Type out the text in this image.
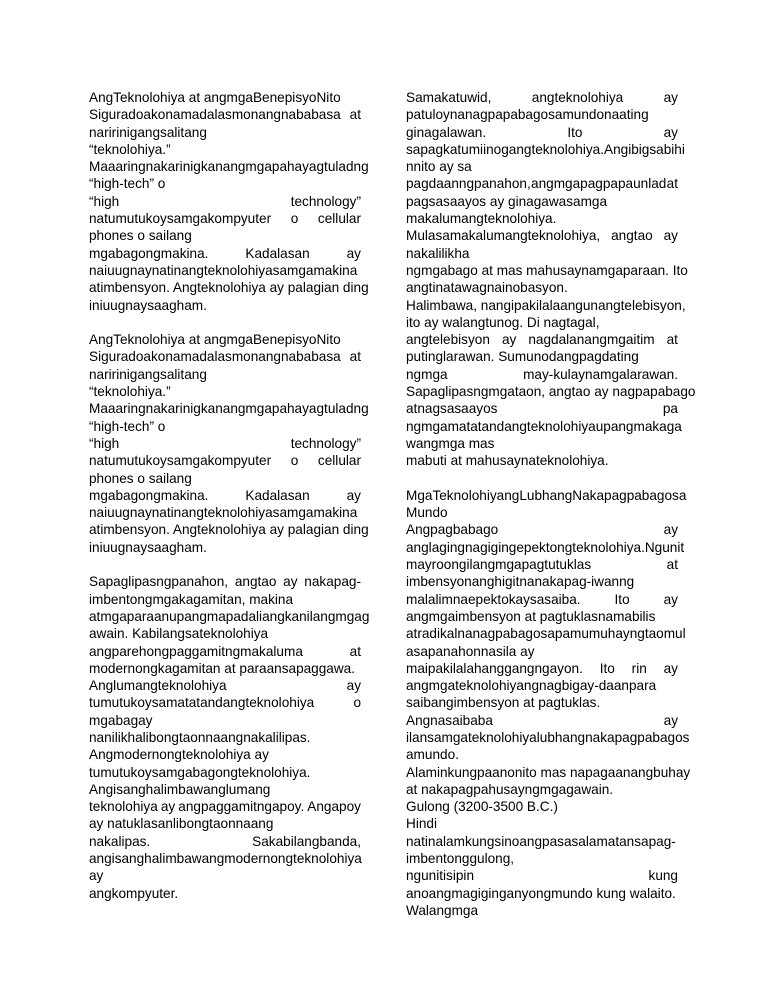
AngTeknolohiya at angmgaBenepisyoNito
Siguradoakonamadalasmonangnababasa at
naririnigangsalitang
“teknolohiya.”
Maaaringnakarinigkanangmgapahayagtuladng
“high-tech” o
“high	technology”
natumutukoysamgakompyuter o cellular
phones o sailang
mgabagongmakina.	Kadalasan	ay
naiuugnaynatinangteknolohiyasamgamakina
atimbensyon. Angteknolohiya ay palagian ding
iniuugnaysaagham.
AngTeknolohiya at angmgaBenepisyoNito
Siguradoakonamadalasmonangnababasa at
naririnigangsalitang
“teknolohiya.”
Maaaringnakarinigkanangmgapahayagtuladng
“high-tech” o
“high	technology”
natumutukoysamgakompyuter o cellular
phones o sailang
mgabagongmakina.	Kadalasan	ay
naiuugnaynatinangteknolohiyasamgamakina
atimbensyon. Angteknolohiya ay palagian ding
iniuugnaysaagham.
Sapaglipasngpanahon, angtao ay nakapag-
imbentongmgakagamitan, makina
atmgaparaanupangmapadaliangkanilangmgag
awain. Kabilangsateknolohiya
angparehongpaggamitngmakaluma	at
modernongkagamitan at paraansapaggawa.
Anglumangteknolohiya	ay
tumutukoysamatatandangteknolohiya	o
mgabagay
nanilikhalibongtaonnaangnakalilipas.
Angmodernongteknolohiya ay
tumutukoysamgabagongteknolohiya.
Angisanghalimbawanglumang
teknolohiya ay angpaggamitngapoy. Angapoy
ay natuklasanlibongtaonnaang
nakalipas.	Sakabilangbanda,
angisanghalimbawangmodernongteknolohiya
ay
angkompyuter.
Samakatuwid,	angteknolohiya	ay
patuloynanagpapabagosamundonaating
ginagalawan.	Ito	ay
sapagkatumiinogangteknolohiya.Angibigsabihi
nnito ay sa
pagdaanngpanahon, angmgapagpapaunlad at
pagsasaayos ay ginagawasamga
makalumangteknolohiya.
Mulasamakalumangteknolohiya, angtao ay
nakalilikha
ngmgabago at mas mahusaynamgaparaan. Ito
angtinatawagnainobasyon.
Halimbawa, nangipakilalaangunangtelebisyon,
ito ay walangtunog. Di nagtagal,
angtelebisyon ay nagdalanangmgaitim at
putinglarawan. Sumunodangpagdating
ngmga	may-kulaynamgalarawan.
Sapaglipasngmgataon, angtao ay nagpapabago
atnagsasaayos	pa
ngmgamatatandangteknolohiyaupangmakaga
wangmga mas
mabuti at mahusaynateknolohiya.
MgaTeknolohiyangLubhangNakapagpabagosa
Mundo
Angpagbabago	ay
anglagingnagigingepektongteknolohiya.Ngunit
mayroongilangmgapagtutuklas	at
imbensyonanghigitnanakapag-iwanng
malalimnaepektokaysasaiba. Ito ay
angmgaimbensyon at pagtuklasnamabilis
atradikalnanagpabagosapamumuhayngtaomul
asapanahonnasila ay
maipakilalahanggangngayon. Ito rin ay
angmgateknolohiyangnagbigay-daanpara
saibangimbensyon at pagtuklas.
Angnasaibaba	ay
ilansamgateknolohiyalubhangnakapagpabagos
amundo.
Alaminkungpaanonito mas napagaanangbuhay
at nakapagpahusayngmgagawain.
Gulong (3200-3500 B.C.)
Hindi
natinalamkungsinoangpasasalamatansapag-
imbentonggulong,
ngunitisipin	kung
anoangmagiginganyongmundo kung walaito.
Walangmga
